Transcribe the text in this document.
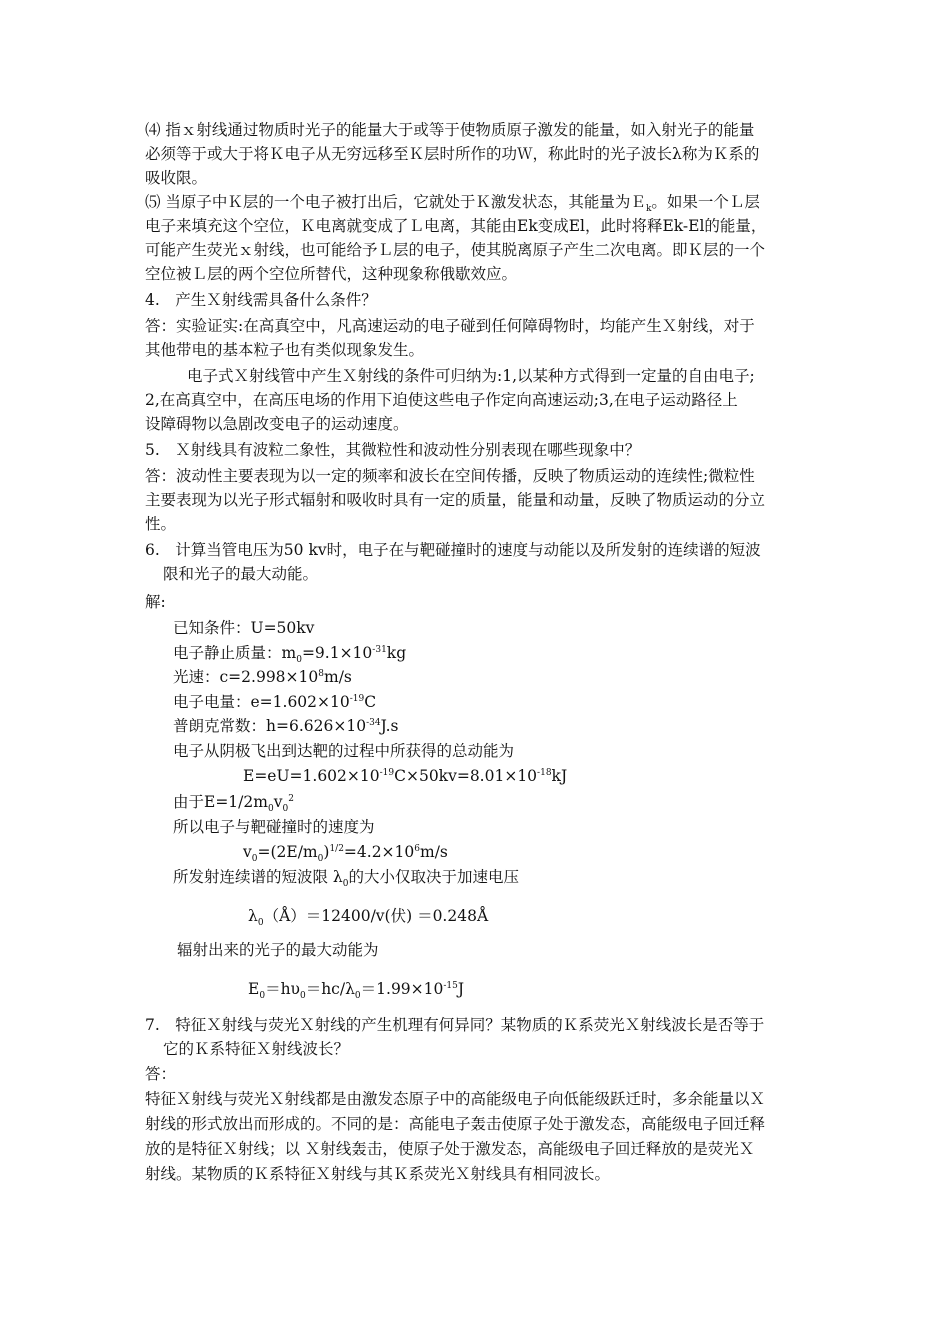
⑷ 指ｘ射线通过物质时光子的能量大于或等于使物质原子激发的能量，如入射光子的能量
必须等于或大于将Ｋ电子从无穷远移至Ｋ层时所作的功Ｗ，称此时的光子波长λ称为Ｋ系的
吸收限。
⑸ 当原子中Ｋ层的一个电子被打出后，它就处于Ｋ激发状态，其能量为Ｅ$_k$。如果一个Ｌ层
电子来填充这个空位，Ｋ电离就变成了Ｌ电离，其能由Ek变成El，此时将释Ek-El的能量，
可能产生荧光ｘ射线，也可能给予Ｌ层的电子，使其脱离原子产生二次电离。即Ｋ层的一个
空位被Ｌ层的两个空位所替代，这种现象称俄歇效应。
4.　产生Ｘ射线需具备什么条件？
答：实验证实:在高真空中，凡高速运动的电子碰到任何障碍物时，均能产生Ｘ射线，对于
其他带电的基本粒子也有类似现象发生。
电子式Ｘ射线管中产生Ｘ射线的条件可归纳为:1,以某种方式得到一定量的自由电子;
2,在高真空中，在高压电场的作用下迫使这些电子作定向高速运动;3,在电子运动路径上
设障碍物以急剧改变电子的运动速度。
5.　Ｘ射线具有波粒二象性，其微粒性和波动性分别表现在哪些现象中？
答：波动性主要表现为以一定的频率和波长在空间传播，反映了物质运动的连续性;微粒性
主要表现为以光子形式辐射和吸收时具有一定的质量，能量和动量，反映了物质运动的分立
性。
6.　计算当管电压为50 kv时，电子在与靶碰撞时的速度与动能以及所发射的连续谱的短波
限和光子的最大动能。
解:
已知条件：U=50kv
电子静止质量：$m_0=9.1\times 10^{-31}kg$
光速：$c=2.998\times 10^8m/s$
电子电量：$e=1.602\times 10^{-19}C$
普朗克常数：$h=6.626\times 10^{-34}J.s$
电子从阴极飞出到达靶的过程中所获得的总动能为
$E=eU=1.602\times 10^{-19}C\times 50kv=8.01\times 10^{-18}kJ$
由于$E=1/2m_0v_0^2$
所以电子与靶碰撞时的速度为
$v_0=(2E/m_0)^{1/2}=4.2\times 10^6m/s$
所发射连续谱的短波限 $\lambda_0$的大小仅取决于加速电压
$\lambda_0(Å)=12400/v$(伏) ＝0.248Å
辐射出来的光子的最大动能为
$E_0=h\upsilon_0=hc/\lambda_0=1.99\times 10^{-15}J$
7.　特征Ｘ射线与荧光Ｘ射线的产生机理有何异同？某物质的Ｋ系荧光Ｘ射线波长是否等于
它的Ｋ系特征Ｘ射线波长？
答：
特征Ｘ射线与荧光Ｘ射线都是由激发态原子中的高能级电子向低能级跃迁时，多余能量以Ｘ
射线的形式放出而形成的。不同的是：高能电子轰击使原子处于激发态，高能级电子回迁释
放的是特征Ｘ射线；以 Ｘ射线轰击，使原子处于激发态，高能级电子回迁释放的是荧光Ｘ
射线。某物质的Ｋ系特征Ｘ射线与其Ｋ系荧光Ｘ射线具有相同波长。
